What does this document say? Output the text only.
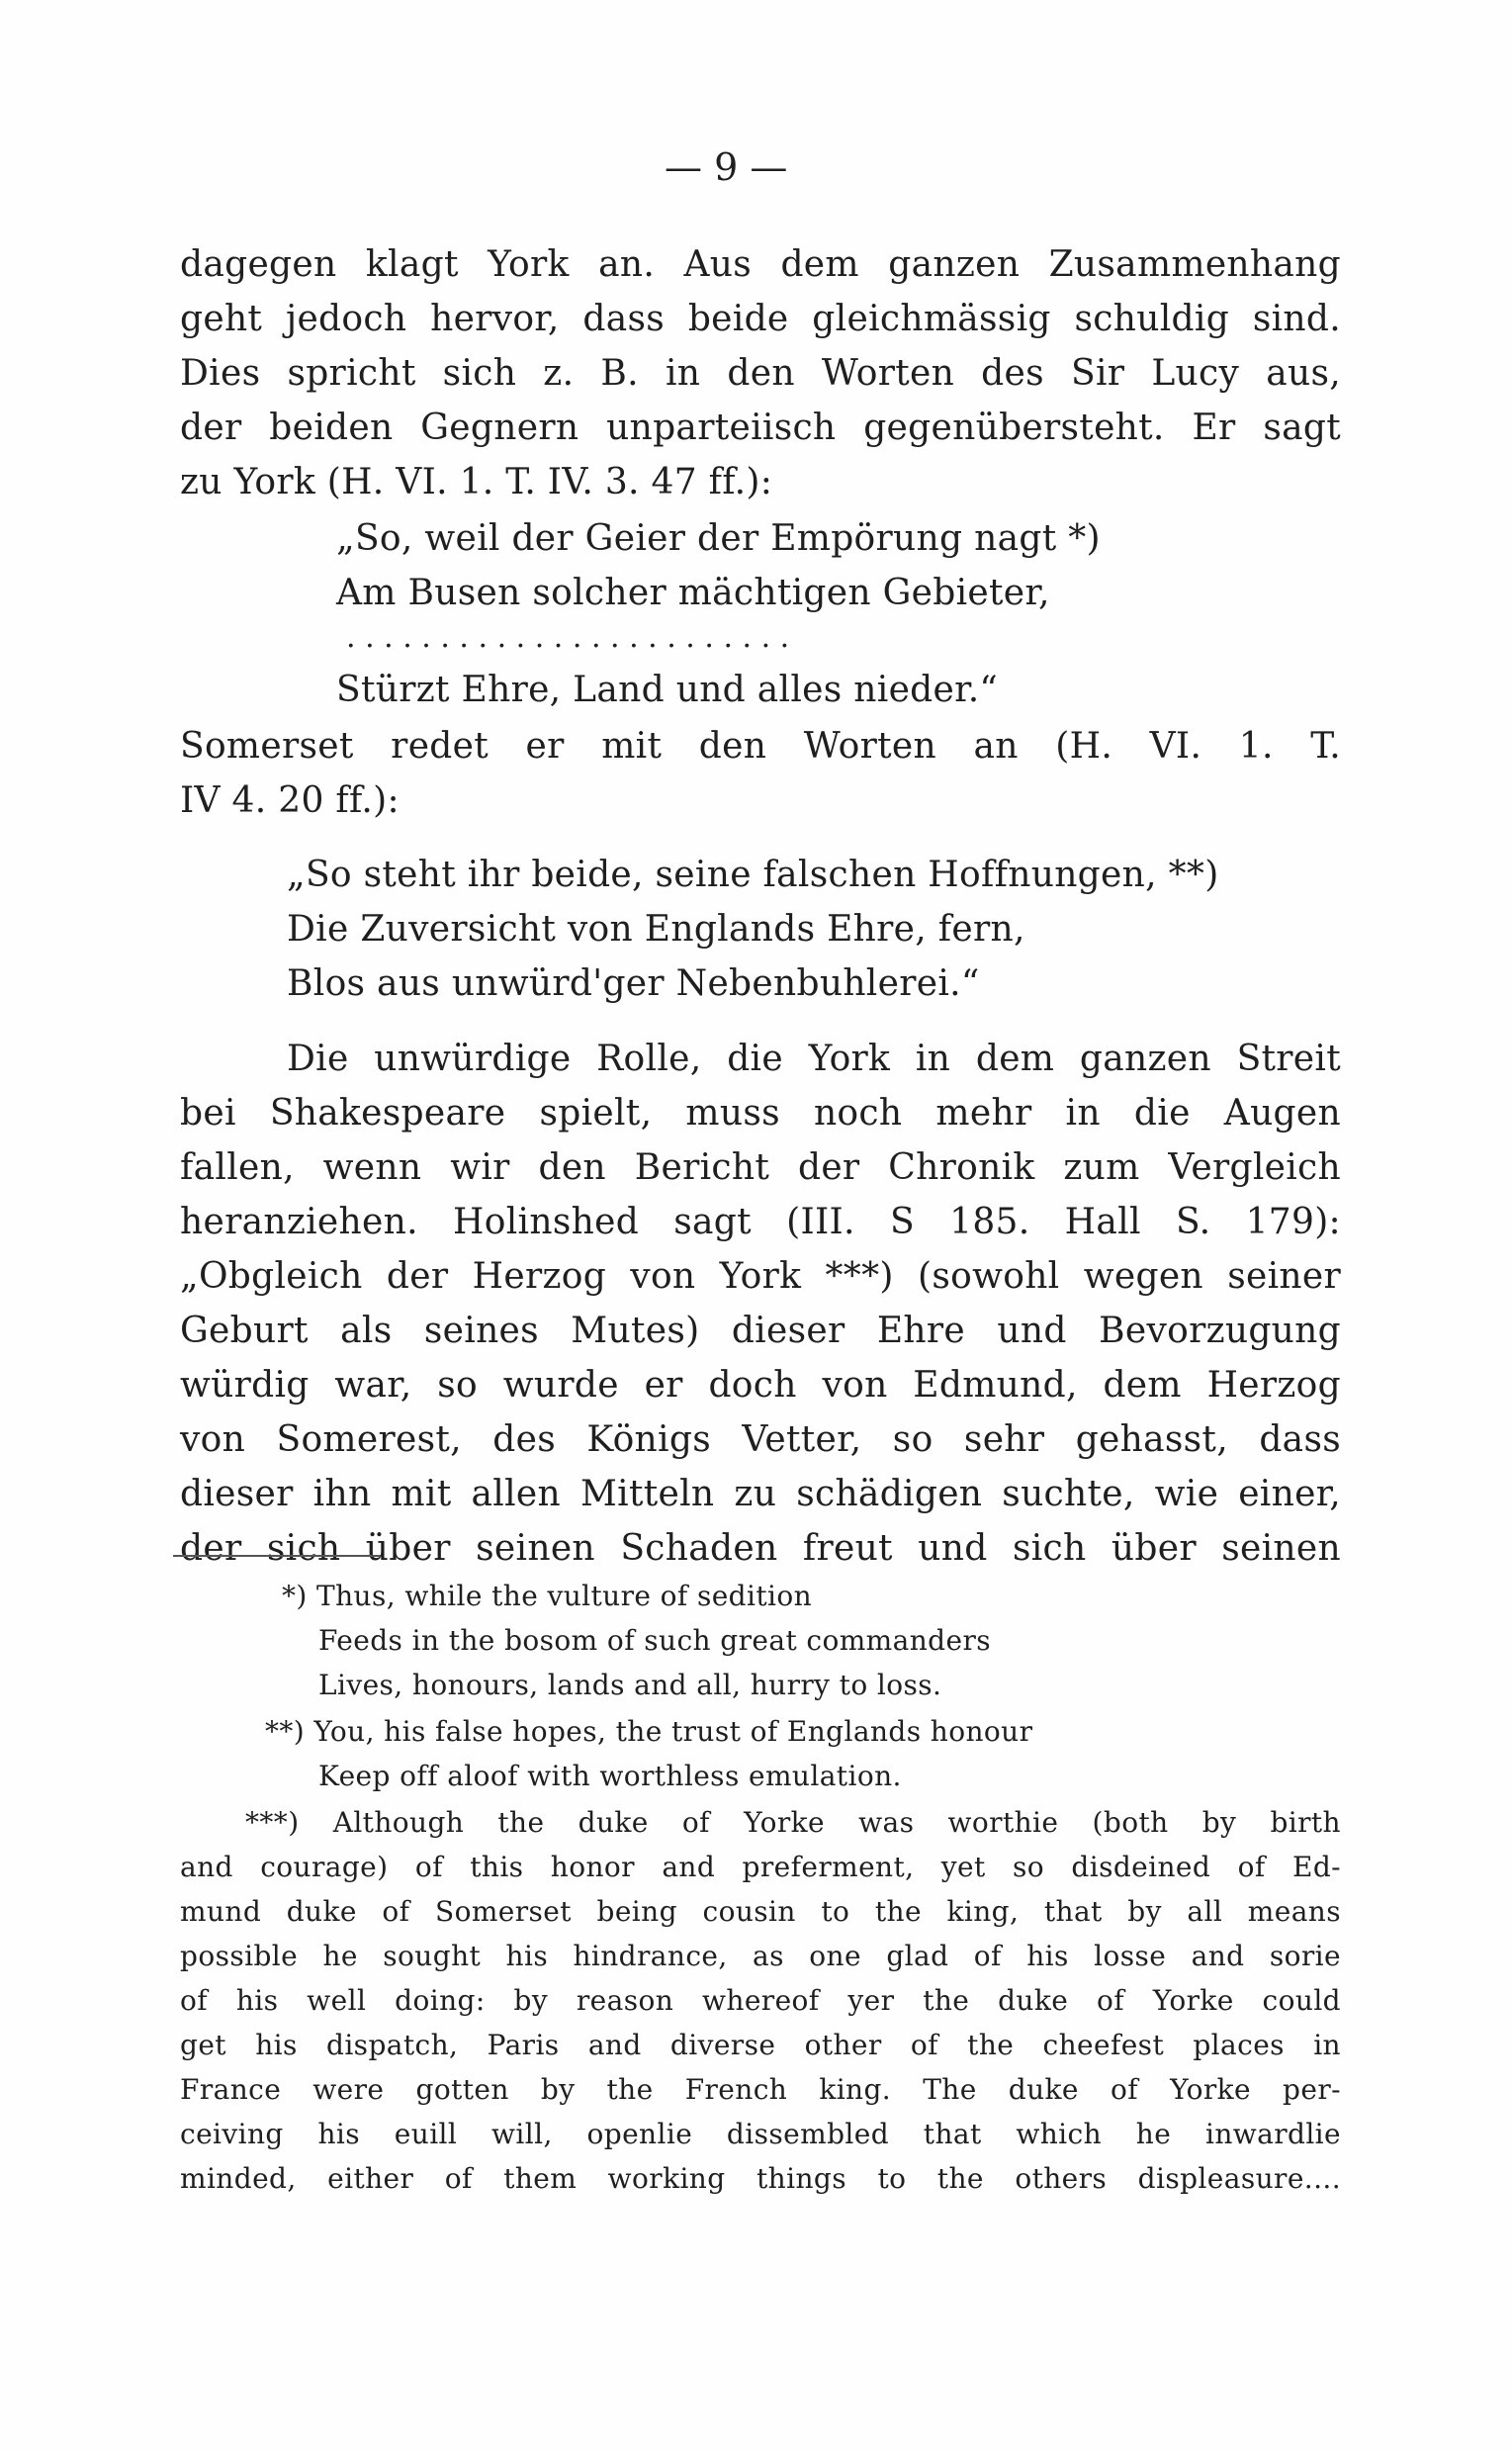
— 9 —
dagegen klagt York an. Aus dem ganzen Zusammenhang
geht jedoch hervor, dass beide gleichmässig schuldig sind.
Dies spricht sich z. B. in den Worten des Sir Lucy aus,
der beiden Gegnern unparteiisch gegenübersteht. Er sagt
zu York (H. VI. 1. T. IV. 3. 47 ff.):
„So, weil der Geier der Empörung nagt *)
Am Busen solcher mächtigen Gebieter,
. . . . . . . . . . . . . . . . . . . . . . . .
Stürzt Ehre, Land und alles nieder.“
Somerset redet er mit den Worten an (H. VI. 1. T.
IV 4. 20 ff.):
„So steht ihr beide, seine falschen Hoffnungen, **)
Die Zuversicht von Englands Ehre, fern,
Blos aus unwürd'ger Nebenbuhlerei.“
Die unwürdige Rolle, die York in dem ganzen Streit
bei Shakespeare spielt, muss noch mehr in die Augen
fallen, wenn wir den Bericht der Chronik zum Vergleich
heranziehen. Holinshed sagt (III. S 185. Hall S. 179):
„Obgleich der Herzog von York ***) (sowohl wegen seiner
Geburt als seines Mutes) dieser Ehre und Bevorzugung
würdig war, so wurde er doch von Edmund, dem Herzog
von Somerest, des Königs Vetter, so sehr gehasst, dass
dieser ihn mit allen Mitteln zu schädigen suchte, wie einer,
der sich über seinen Schaden freut und sich über seinen
*) Thus, while the vulture of sedition
Feeds in the bosom of such great commanders
Lives, honours, lands and all, hurry to loss.
**) You, his false hopes, the trust of Englands honour
Keep off aloof with worthless emulation.
***) Although the duke of Yorke was worthie (both by birth
and courage) of this honor and preferment, yet so disdeined of Ed-
mund duke of Somerset being cousin to the king, that by all means
possible he sought his hindrance, as one glad of his losse and sorie
of his well doing: by reason whereof yer the duke of Yorke could
get his dispatch, Paris and diverse other of the cheefest places in
France were gotten by the French king. The duke of Yorke per-
ceiving his euill will, openlie dissembled that which he inwardlie
minded, either of them working things to the others displeasure....
